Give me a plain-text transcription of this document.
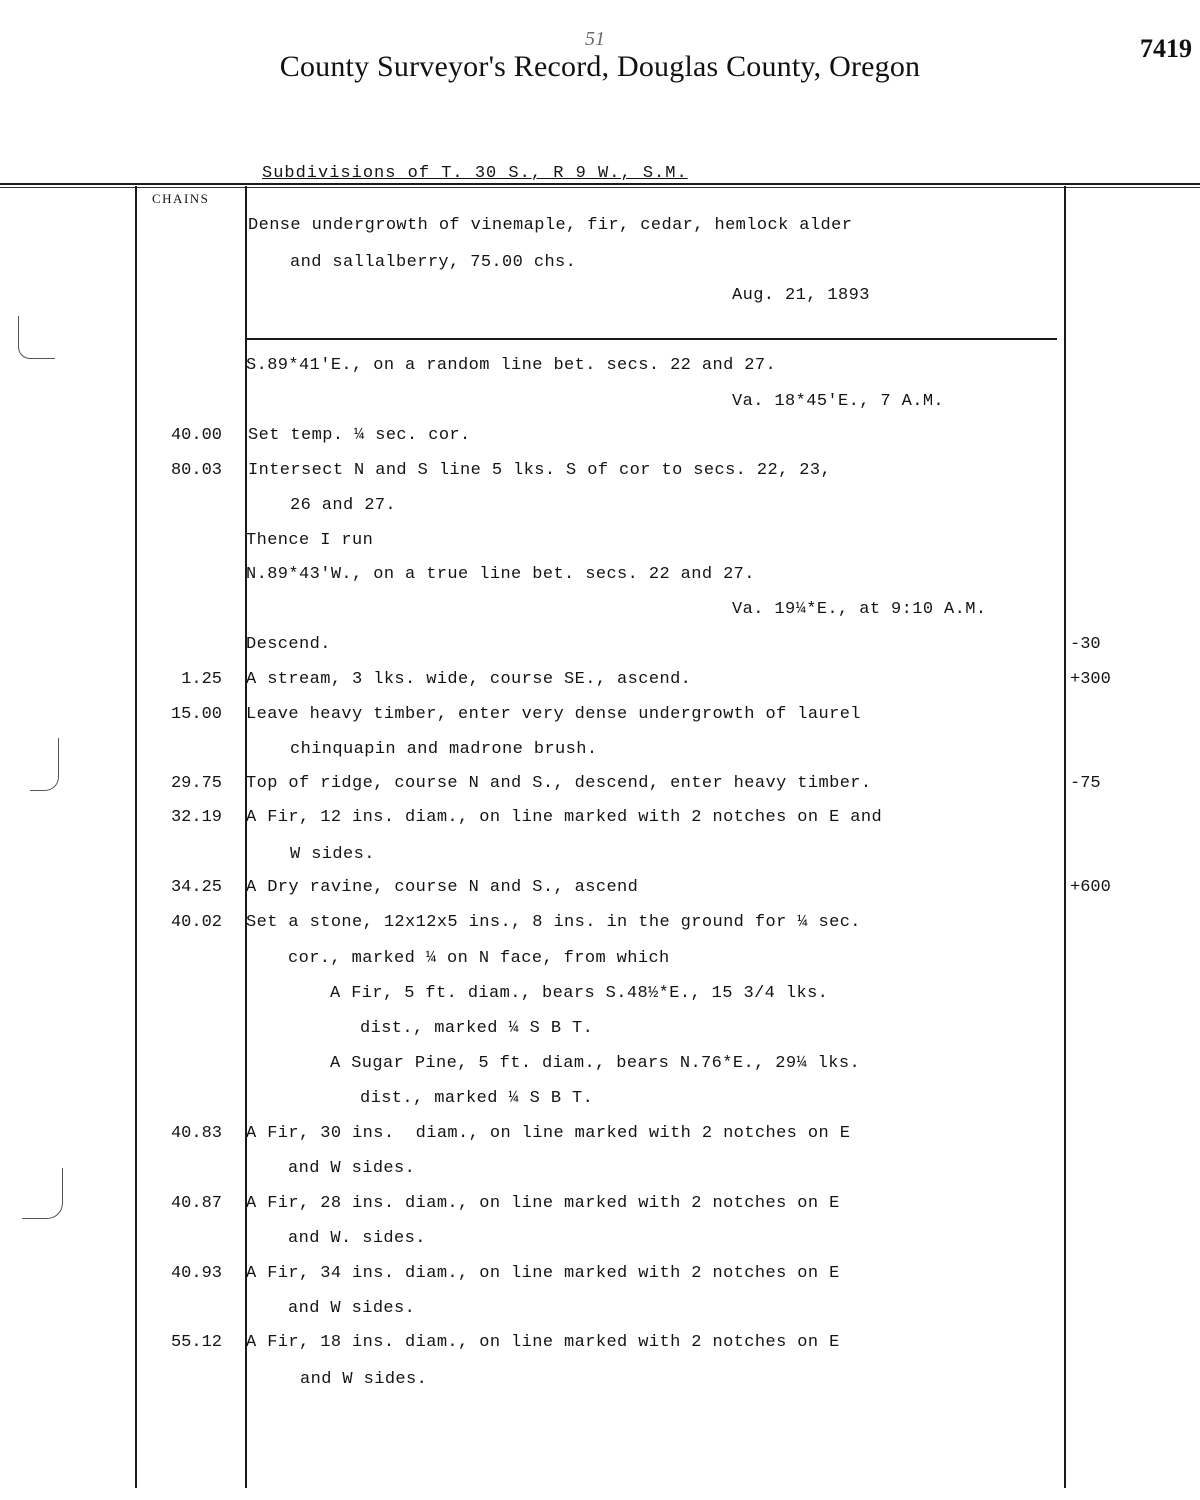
51
County Surveyor's Record, Douglas County, Oregon
7419
Subdivisions of T. 30 S., R 9 W., S.M.
CHAINS
Dense undergrowth of vinemaple, fir, cedar, hemlock alder
and sallalberry, 75.00 chs.
Aug. 21, 1893
S.89*41'E., on a random line bet. secs. 22 and 27.
Va. 18*45'E., 7 A.M.
40.00 Set temp. ¼ sec. cor.
80.03 Intersect N and S line 5 lks. S of cor to secs. 22, 23,
26 and 27.
Thence I run
N.89*43'W., on a true line bet. secs. 22 and 27.
Va. 19¼*E., at 9:10 A.M.
Descend.	-30
1.25 A stream, 3 lks. wide, course SE., ascend.	+300
15.00 Leave heavy timber, enter very dense undergrowth of laurel
chinquapin and madrone brush.
29.75 Top of ridge, course N and S., descend, enter heavy timber.	-75
32.19 A Fir, 12 ins. diam., on line marked with 2 notches on E and
W sides.
34.25 A Dry ravine, course N and S., ascend	+600
40.02 Set a stone, 12x12x5 ins., 8 ins. in the ground for ¼ sec.
cor., marked ¼ on N face, from which
A Fir, 5 ft. diam., bears S.48½*E., 15 3/4 lks.
dist., marked ¼ S B T.
A Sugar Pine, 5 ft. diam., bears N.76*E., 29¼ lks.
dist., marked ¼ S B T.
40.83 A Fir, 30 ins.  diam., on line marked with 2 notches on E
and W sides.
40.87 A Fir, 28 ins. diam., on line marked with 2 notches on E
and W. sides.
40.93 A Fir, 34 ins. diam., on line marked with 2 notches on E
and W sides.
55.12 A Fir, 18 ins. diam., on line marked with 2 notches on E
and W sides.
